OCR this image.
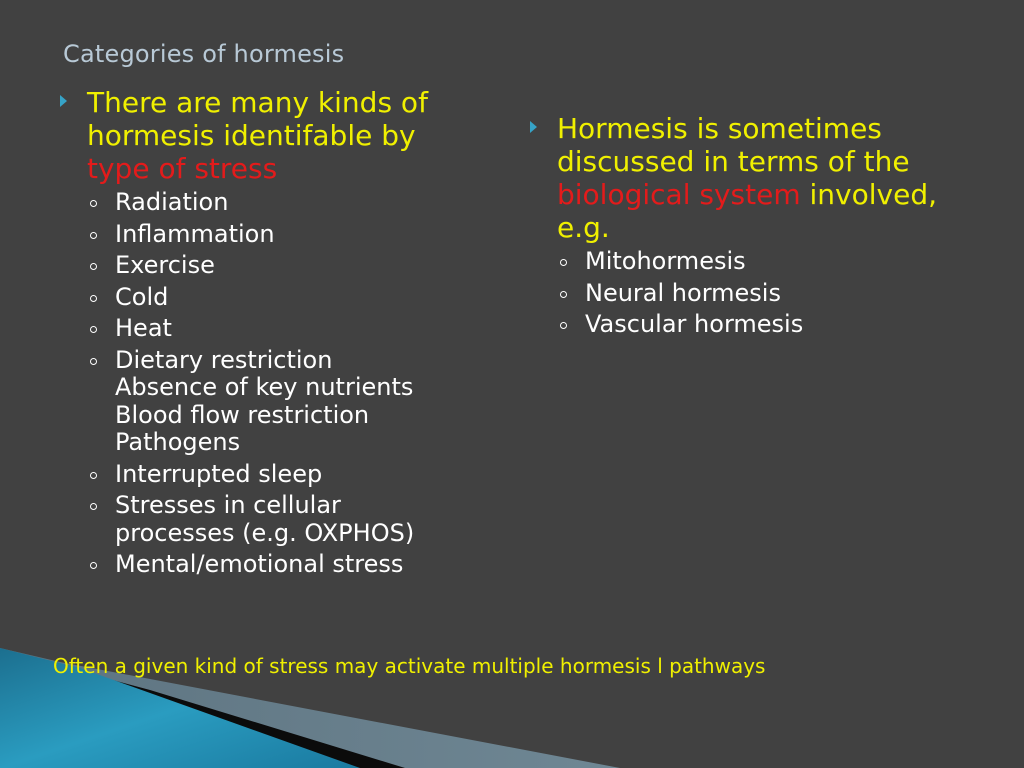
Categories of hormesis
There are many kinds of hormesis identifable by type of stress
Radiation
Inflammation
Exercise
Cold
Heat
Dietary restriction
Absence of key nutrients
Blood flow restriction
Pathogens
Interrupted sleep
Stresses in cellular
processes (e.g. OXPHOS)
Mental/emotional stress
Hormesis is sometimes discussed in terms of the biological system involved, e.g.
Mitohormesis
Neural hormesis
Vascular hormesis
Often a given kind of stress may activate multiple hormesis l pathways
